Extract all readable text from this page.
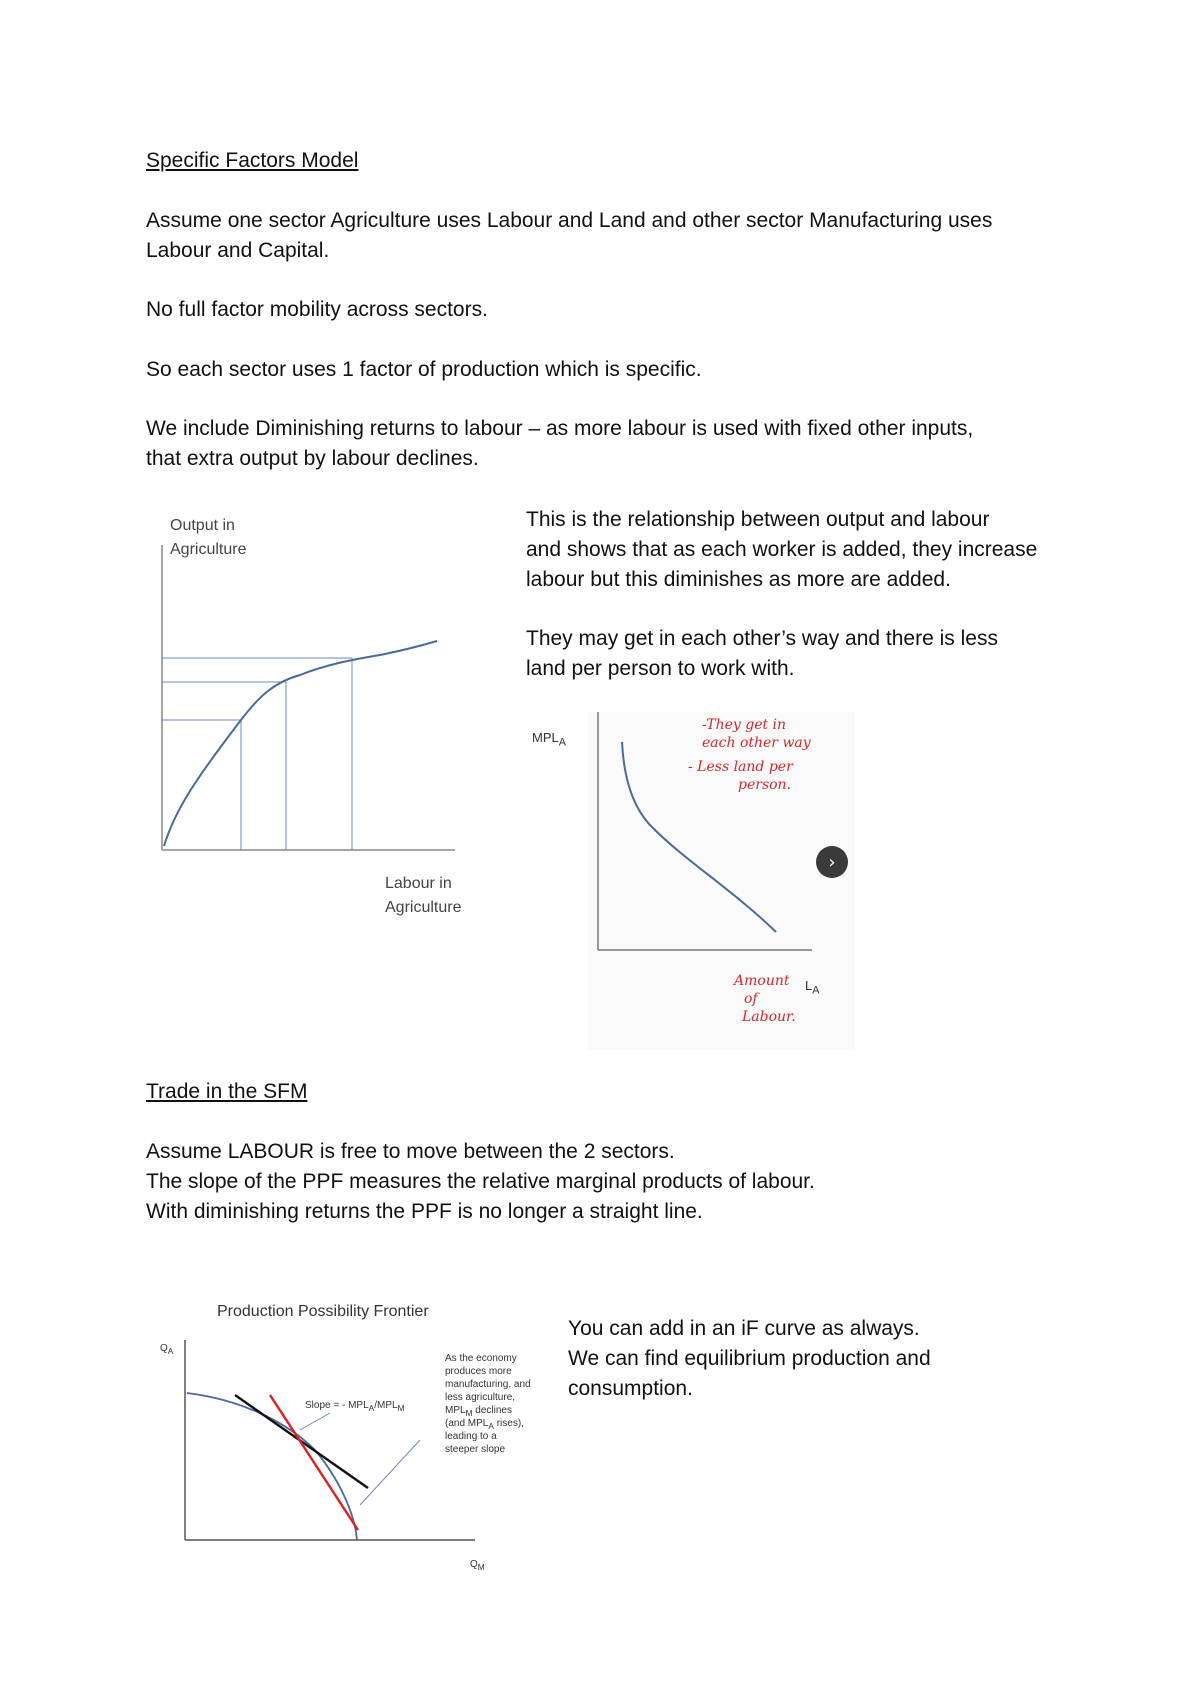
Specific Factors Model
Assume one sector Agriculture uses Labour and Land and other sector Manufacturing uses
Labour and Capital.
No full factor mobility across sectors.
So each sector uses 1 factor of production which is specific.
We include Diminishing returns to labour – as more labour is used with fixed other inputs,
that extra output by labour declines.
Output in
Agriculture
Labour in
Agriculture
This is the relationship between output and labour
and shows that as each worker is added, they increase
labour but this diminishes as more are added.
They may get in each other’s way and there is less
land per person to work with.
$MPL_A$
$L_A$
-They get in
each other way
- Less land per
person.
Amount
of
Labour.
›
Trade in the SFM
Assume LABOUR is free to move between the 2 sectors.
The slope of the PPF measures the relative marginal products of labour.
With diminishing returns the PPF is no longer a straight line.
Production Possibility Frontier
$Q_A$
$Q_M$
Slope = - $MPL_A/MPL_M$
As the economy
produces more
manufacturing, and
less agriculture,
$MPL_M$ declines
(and $MPL_A$ rises),
leading to a
steeper slope
You can add in an iF curve as always.
We can find equilibrium production and
consumption.
